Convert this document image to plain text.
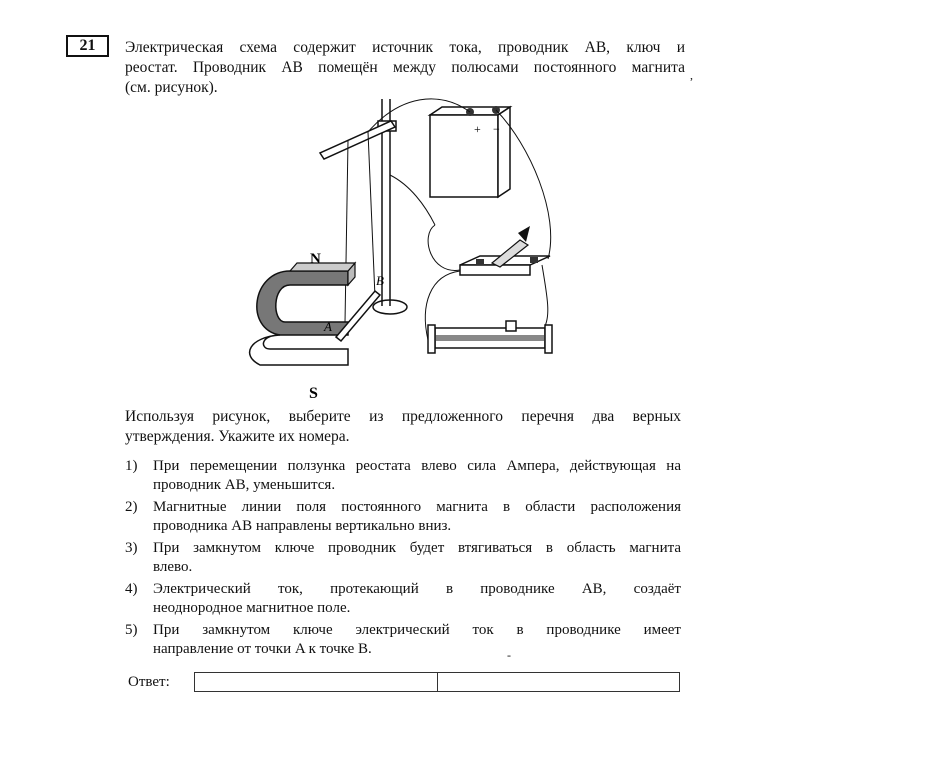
21	Электрическая схема содержит источник тока, проводник AB, ключ и
реостат. Проводник AB помещён между полюсами постоянного магнита
(см. рисунок).
,
N
S
A
B
+ −
Используя рисунок, выберите из предложенного перечня два верных
утверждения. Укажите их номера.
1) При перемещении ползунка реостата влево сила Ампера, действующая на
проводник AB, уменьшится.
2) Магнитные линии поля постоянного магнита в области расположения
проводника AB направлены вертикально вниз.
3) При замкнутом ключе проводник будет втягиваться в область магнита
влево.
4) Электрический ток, протекающий в проводнике AB, создаёт
неоднородное магнитное поле.
5) При замкнутом ключе электрический ток в проводнике имеет
направление от точки A к точке B.	-
Ответ:
